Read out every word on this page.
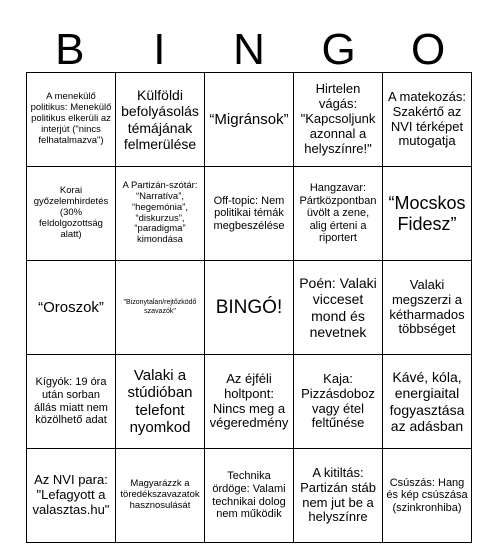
B	I	N	G	O
A menekülő politikus: Menekülő politikus elkerüli az interjút ("nincs felhatalmazva")	Külföldi befolyásolás témájának felmerülése	“Migránsok”	Hirtelen vágás: "Kapcsoljunk azonnal a helyszínre!"	A matekozás: Szakértő az NVI térképet mutogatja
Korai győzelemhirdetés (30% feldolgozottság alatt)	A Partizán-szótár: “Narratíva”, “hegemónia”, “diskurzus”, “paradigma” kimondása	Off-topic: Nem politikai témák megbeszélése	Hangzavar: Pártközpontban üvölt a zene, alig érteni a riportert	“Mocskos Fidesz”
“Oroszok”	"Bizonytalan/rejtőzködő szavazók"	BINGÓ!	Poén: Valaki vicceset mond és nevetnek	Valaki megszerzi a kétharmados többséget
Kígyók: 19 óra után sorban állás miatt nem közölhető adat	Valaki a stúdióban telefont nyomkod	Az éjféli holtpont: Nincs meg a végeredmény	Kaja: Pizzásdoboz vagy étel feltűnése	Kávé, kóla, energiaital fogyasztása az adásban
Az NVI para: "Lefagyott a valasztas.hu"	Magyarázzk a töredékszavazatok hasznosulását	Technika ördöge: Valami technikai dolog nem működik	A kitiltás: Partizán stáb nem jut be a helyszínre	Csúszás: Hang és kép csúszása (szinkronhiba)
